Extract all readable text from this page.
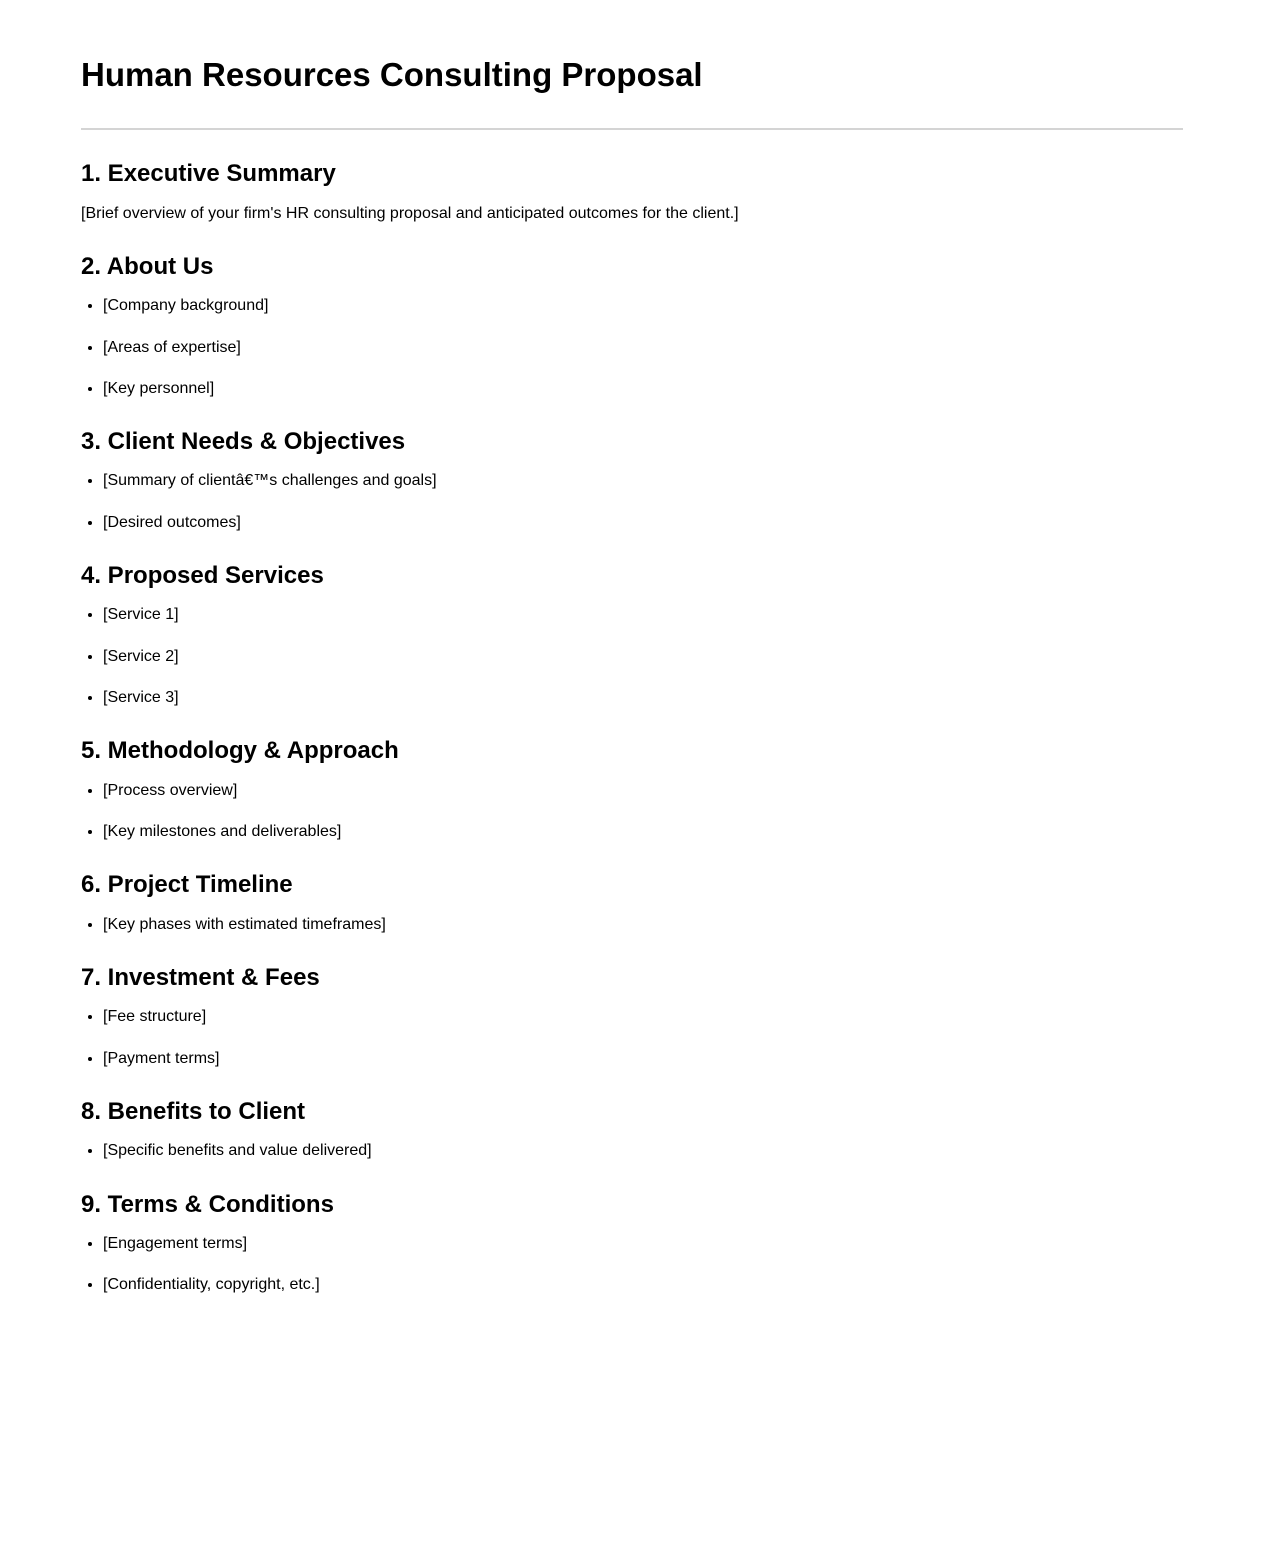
Human Resources Consulting Proposal
1. Executive Summary

[Brief overview of your firm's HR consulting proposal and anticipated outcomes for the client.]

2. About Us
• [Company background]
• [Areas of expertise]
• [Key personnel]
3. Client Needs & Objectives
• [Summary of clientâ€™s challenges and goals]
• [Desired outcomes]
4. Proposed Services
• [Service 1]
• [Service 2]
• [Service 3]
5. Methodology & Approach
• [Process overview]
• [Key milestones and deliverables]
6. Project Timeline
• [Key phases with estimated timeframes]
7. Investment & Fees
• [Fee structure]
• [Payment terms]
8. Benefits to Client
• [Specific benefits and value delivered]
9. Terms & Conditions
• [Engagement terms]
• [Confidentiality, copyright, etc.]
